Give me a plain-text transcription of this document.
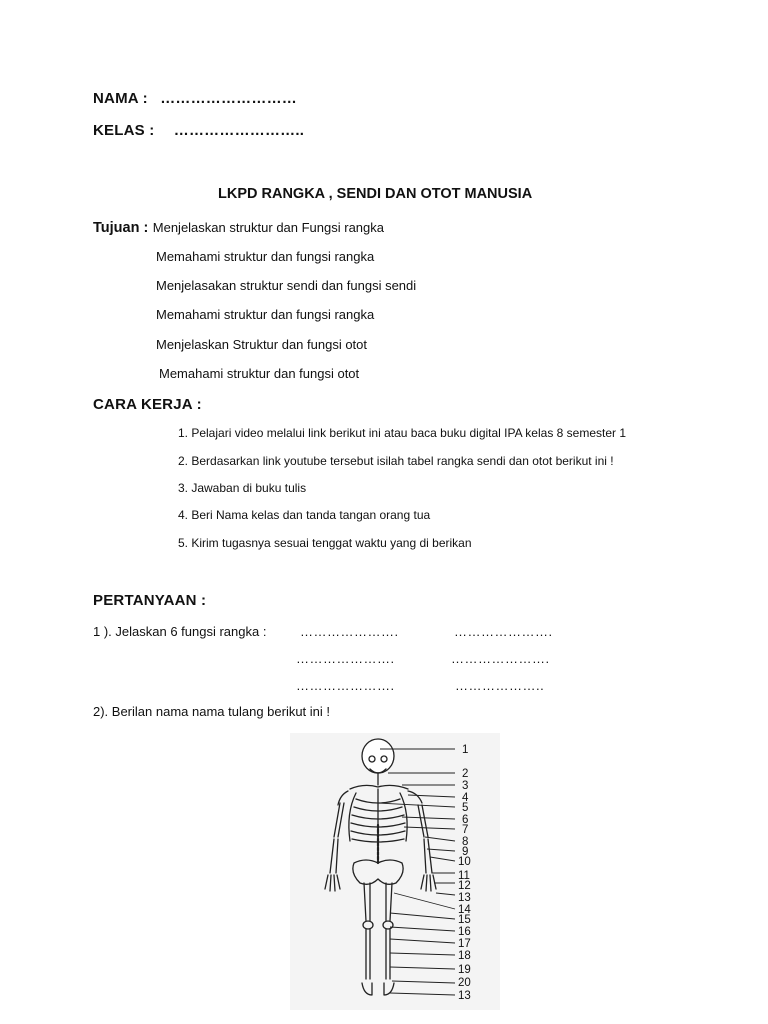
NAMA : ………………………
KELAS : ……………………..
LKPD RANGKA , SENDI DAN OTOT MANUSIA
Tujuan : Menjelaskan struktur dan Fungsi rangka
Memahami struktur dan fungsi rangka
Menjelasakan struktur sendi dan fungsi sendi
Memahami struktur dan fungsi rangka
Menjelaskan Struktur dan fungsi otot
Memahami struktur dan fungsi otot
CARA KERJA :
1. Pelajari video melalui link berikut ini atau baca buku digital IPA kelas 8 semester 1
2. Berdasarkan link youtube tersebut isilah tabel rangka sendi dan otot berikut ini !
3. Jawaban di buku tulis
4. Beri Nama kelas dan tanda tangan orang tua
5. Kirim tugasnya sesuai tenggat waktu yang di berikan
PERTANYAAN :
1 ). Jelaskan 6 fungsi rangka :	………………….	………………….
………………….	………………….
………………….	………………..
2). Berilan nama nama tulang berikut ini !
1
2
3
4
5
6
7
8
9
10
11
12
13
14
15
16
17
18
19
20
13
